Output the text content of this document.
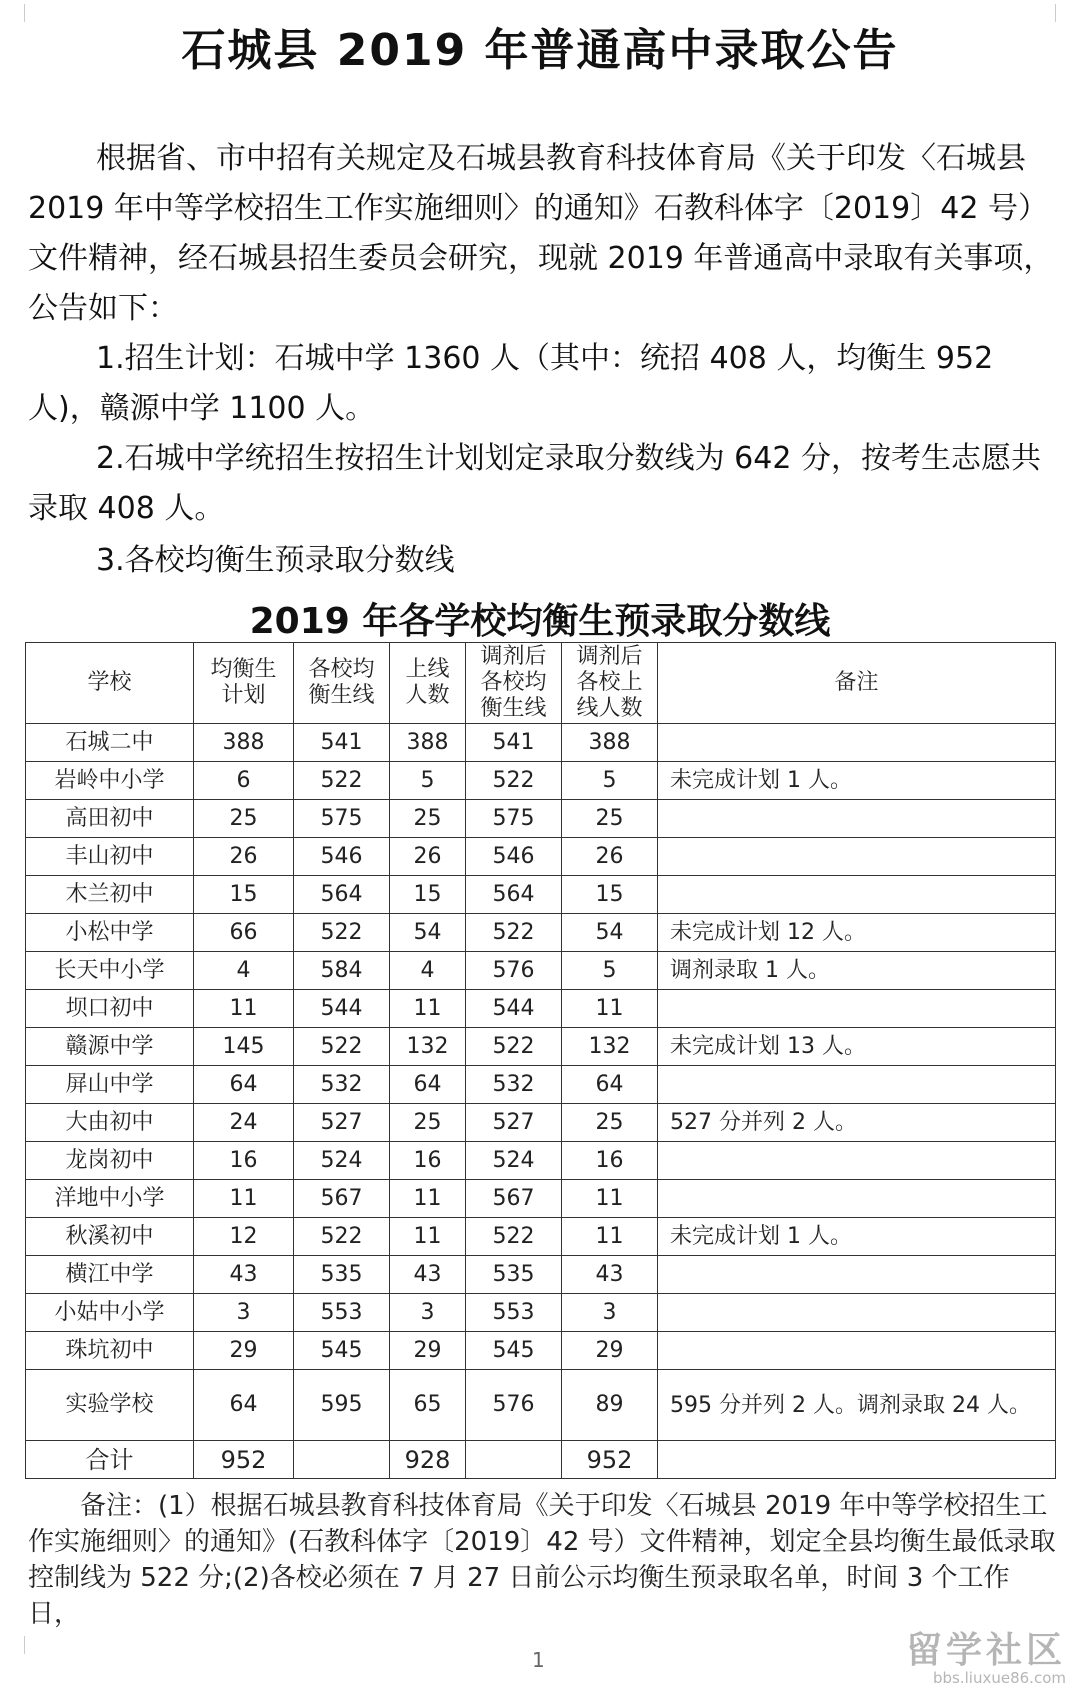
石城县 2019 年普通高中录取公告

根据省、市中招有关规定及石城县教育科技体育局《关于印发〈石城县 2019 年中等学校招生工作实施细则〉的通知》石教科体字〔2019〕42 号）文件精神，经石城县招生委员会研究，现就 2019 年普通高中录取有关事项，公告如下：

1.招生计划：石城中学 1360 人（其中：统招 408 人，均衡生 952 人)，赣源中学 1100 人。

2.石城中学统招生按招生计划划定录取分数线为 642 分，按考生志愿共录取 408 人。

3.各校均衡生预录取分数线

2019 年各学校均衡生预录取分数线
学校	均衡生计划	各校均衡生线	上线人数	调剂后各校均衡生线	调剂后各校上线人数	备注
石城二中	388	541	388	541	388	
岩岭中小学	6	522	5	522	5	未完成计划 1 人。
高田初中	25	575	25	575	25	
丰山初中	26	546	26	546	26	
木兰初中	15	564	15	564	15	
小松中学	66	522	54	522	54	未完成计划 12 人。
长天中小学	4	584	4	576	5	调剂录取 1 人。
坝口初中	11	544	11	544	11	
赣源中学	145	522	132	522	132	未完成计划 13 人。
屏山中学	64	532	64	532	64	
大由初中	24	527	25	527	25	527 分并列 2 人。
龙岗初中	16	524	16	524	16	
洋地中小学	11	567	11	567	11	
秋溪初中	12	522	11	522	11	未完成计划 1 人。
横江中学	43	535	43	535	43	
小姑中小学	3	553	3	553	3	
珠坑初中	29	545	29	545	29	
实验学校	64	595	65	576	89	595 分并列 2 人。调剂录取 24 人。
合计	952		928		952	

备注：(1）根据石城县教育科技体育局《关于印发〈石城县 2019 年中等学校招生工作实施细则〉的通知》(石教科体字〔2019〕42 号）文件精神，划定全县均衡生最低录取控制线为 522 分;(2)各校必须在 7 月 27 日前公示均衡生预录取名单，时间 3 个工作日，

1	留学社区
bbs.liuxue86.com
